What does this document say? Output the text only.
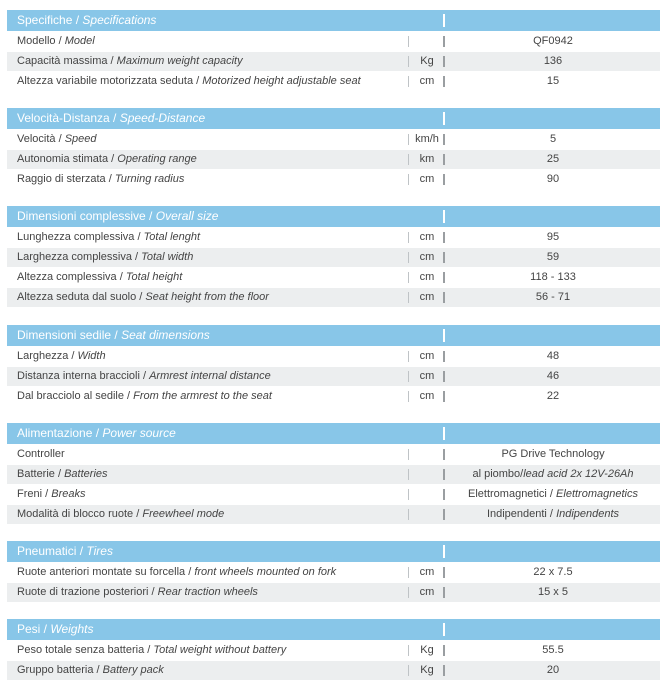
Specifiche / Specifications
Modello / Model	QF0942
Capacità massima / Maximum weight capacity	Kg	136
Altezza variabile motorizzata seduta / Motorized height adjustable seat	cm	15
Velocità-Distanza / Speed-Distance
Velocità / Speed	km/h	5
Autonomia stimata / Operating range	km	25
Raggio di sterzata / Turning radius	cm	90
Dimensioni complessive / Overall size
Lunghezza complessiva / Total lenght	cm	95
Larghezza complessiva / Total width	cm	59
Altezza complessiva / Total height	cm	118 - 133
Altezza seduta dal suolo / Seat height from the floor	cm	56 - 71
Dimensioni sedile / Seat dimensions
Larghezza / Width	cm	48
Distanza interna braccioli / Armrest internal distance	cm	46
Dal bracciolo al sedile / From the armrest to the seat	cm	22
Alimentazione / Power source
Controller	PG Drive Technology
Batterie / Batteries	al piombo/lead acid 2x 12V-26Ah
Freni / Breaks	Elettromagnetici / Elettromagnetics
Modalità di blocco ruote / Freewheel mode	Indipendenti / Indipendents
Pneumatici / Tires
Ruote anteriori montate su forcella / front wheels mounted on fork	cm	22 x 7.5
Ruote di trazione posteriori / Rear traction wheels	cm	15 x 5
Pesi / Weights
Peso totale senza batteria / Total weight without battery	Kg	55.5
Gruppo batteria / Battery pack	Kg	20
